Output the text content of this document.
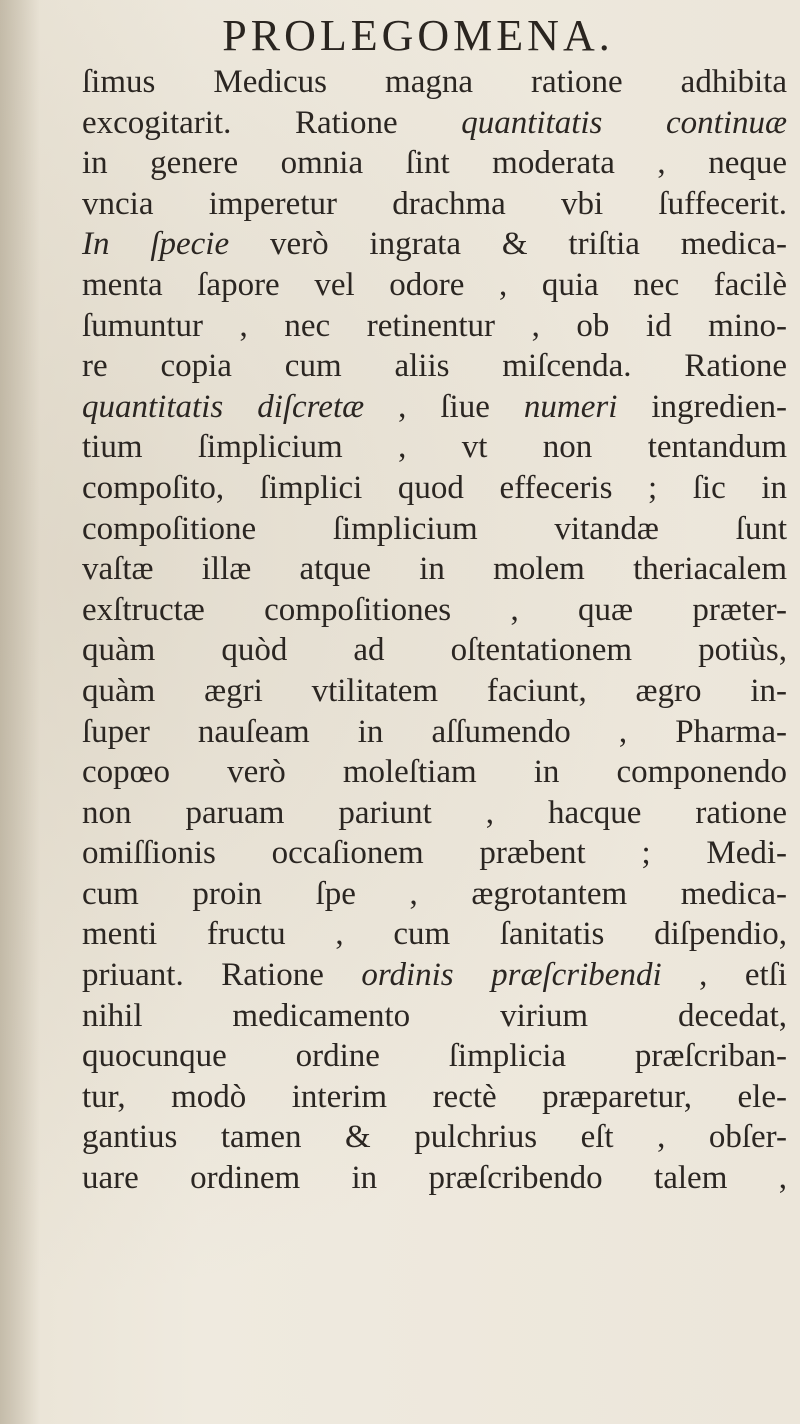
PROLEGOMENA.
ſimus Medicus magna ratione adhibita
excogitarit. Ratione quantitatis continuæ
in genere omnia ſint moderata , neque
vncia imperetur drachma vbi ſuffecerit.
In ſpecie verò ingrata & triſtia medica-
menta ſapore vel odore , quia nec facilè
ſumuntur , nec retinentur , ob id mino-
re copia cum aliis miſcenda. Ratione
quantitatis diſcretæ , ſiue numeri ingredien-
tium ſimplicium , vt non tentandum
compoſito, ſimplici quod effeceris ; ſic in
compoſitione ſimplicium vitandæ ſunt
vaſtæ illæ atque in molem theriacalem
exſtructæ compoſitiones , quæ præter-
quàm quòd ad oſtentationem potiùs,
quàm ægri vtilitatem faciunt, ægro in-
ſuper nauſeam in aſſumendo , Pharma-
copœo verò moleſtiam in componendo
non paruam pariunt , hacque ratione
omiſſionis occaſionem præbent ; Medi-
cum proin ſpe , ægrotantem medica-
menti fructu , cum ſanitatis diſpendio,
priuant. Ratione ordinis præſcribendi , etſi
nihil medicamento virium decedat,
quocunque ordine ſimplicia præſcriban-
tur, modò interim rectè præparetur, ele-
gantius tamen & pulchrius eſt , obſer-
uare ordinem in præſcribendo talem ,
